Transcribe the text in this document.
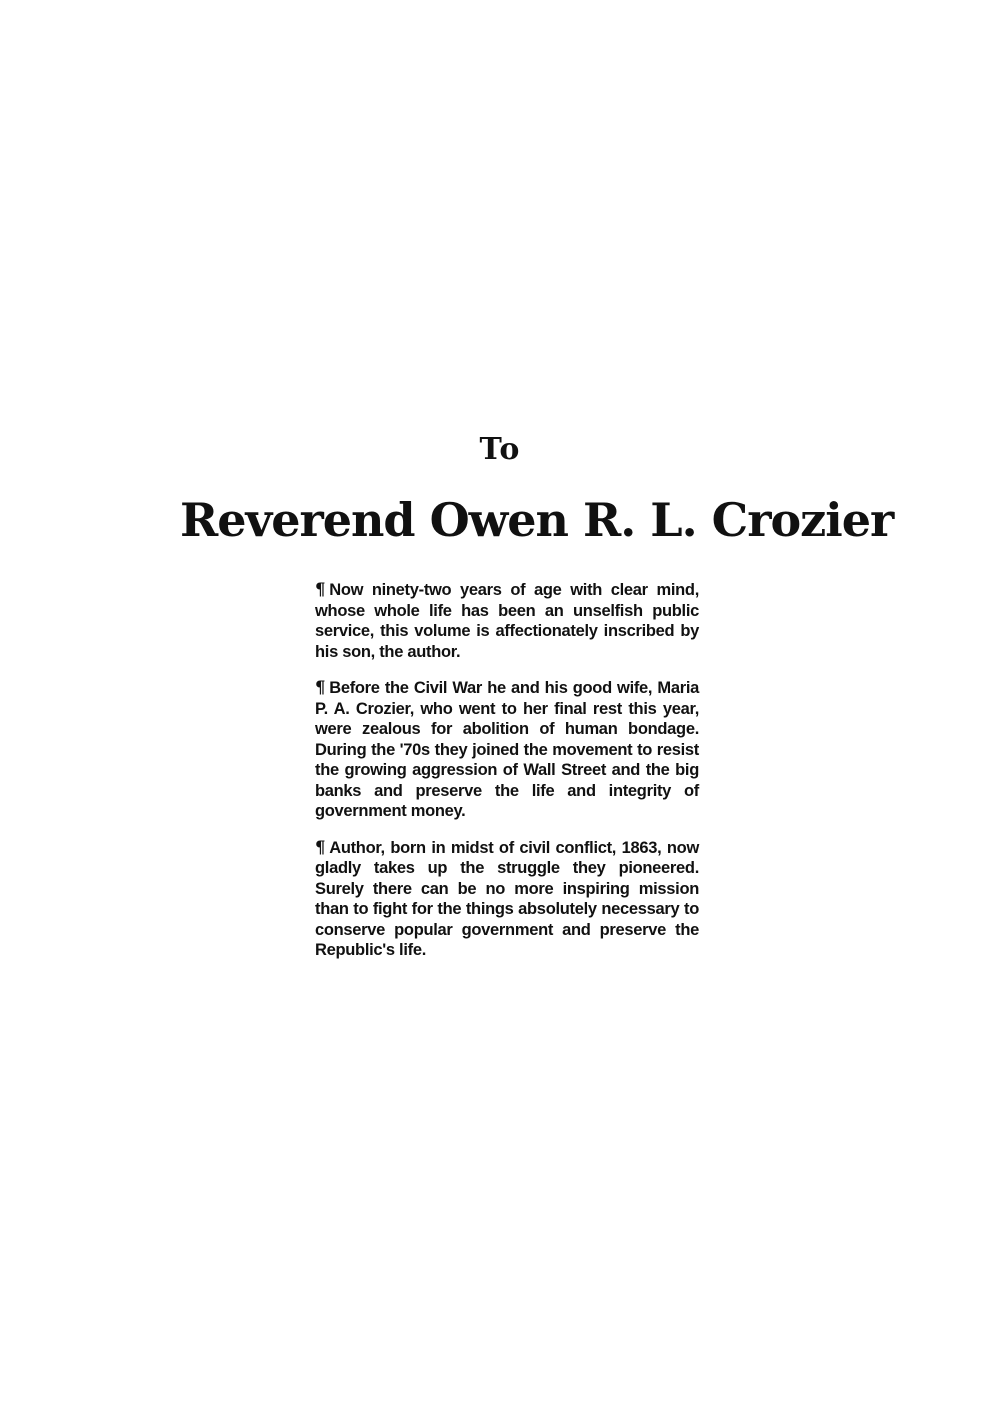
To
Reverend Owen R. L. Crozier

¶ Now ninety-two years of age with clear mind, whose whole life has been an unselfish public service, this volume is affectionately inscribed by his son, the author.

¶ Before the Civil War he and his good wife, Maria P. A. Crozier, who went to her final rest this year, were zealous for abolition of human bondage. During the '70s they joined the movement to resist the growing aggression of Wall Street and the big banks and preserve the life and integrity of government money.

¶ Author, born in midst of civil conflict, 1863, now gladly takes up the struggle they pioneered. Surely there can be no more inspiring mission than to fight for the things absolutely necessary to conserve popular government and preserve the Republic's life.
